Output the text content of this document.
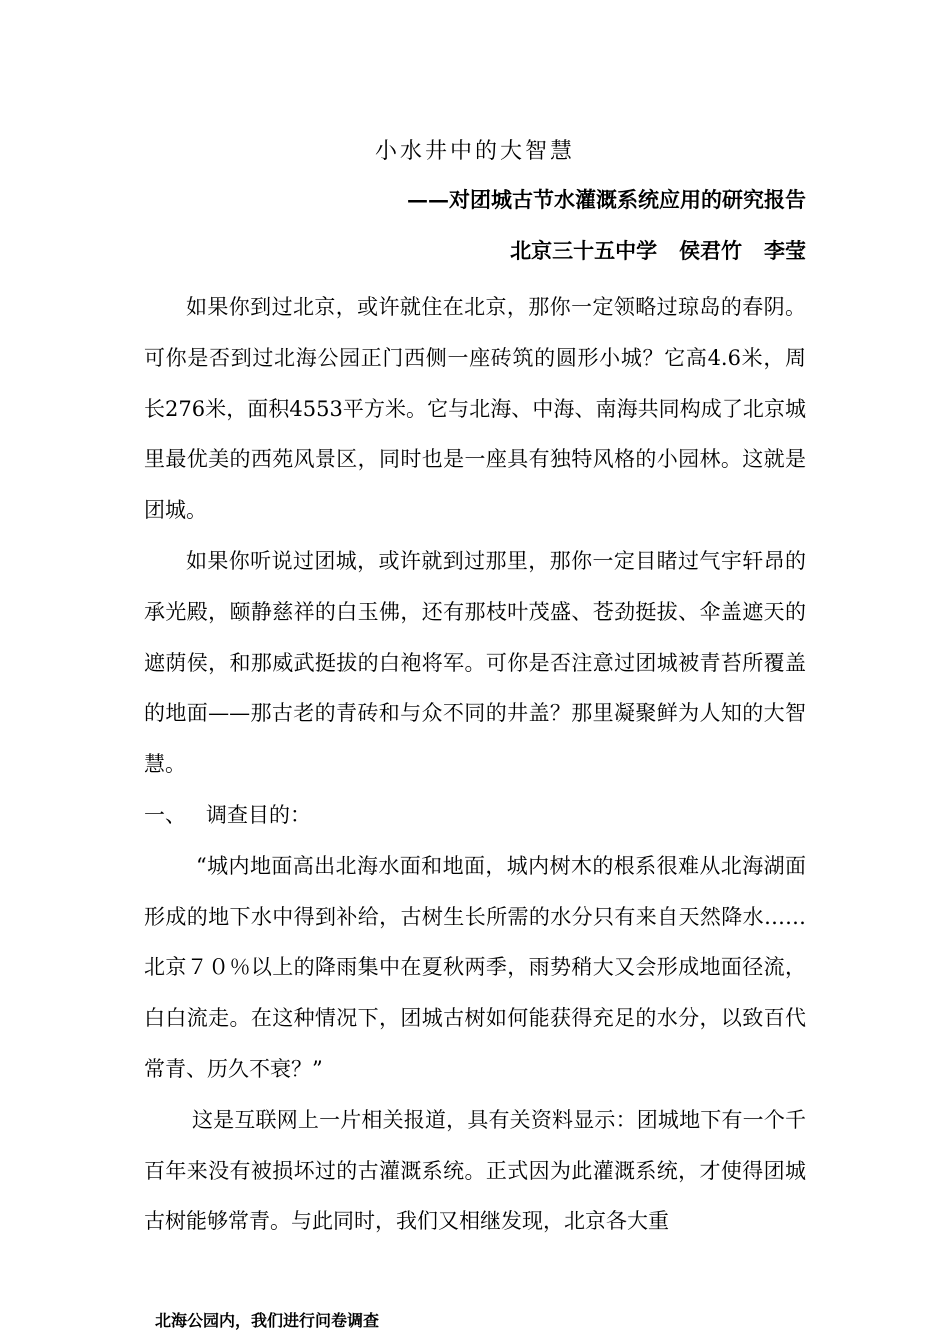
小水井中的大智慧
——对团城古节水灌溉系统应用的研究报告
北京三十五中学   侯君竹   李莹

如果你到过北京，或许就住在北京，那你一定领略过琼岛的春阴。可你是否到过北海公园正门西侧一座砖筑的圆形小城？它高4.6米，周长276米，面积4553平方米。它与北海、中海、南海共同构成了北京城里最优美的西苑风景区，同时也是一座具有独特风格的小园林。这就是团城。

如果你听说过团城，或许就到过那里，那你一定目睹过气宇轩昂的承光殿，颐静慈祥的白玉佛，还有那枝叶茂盛、苍劲挺拔、伞盖遮天的遮荫侯，和那威武挺拔的白袍将军。可你是否注意过团城被青苔所覆盖的地面——那古老的青砖和与众不同的井盖？那里凝聚鲜为人知的大智慧。

一、   调查目的：

“城内地面高出北海水面和地面，城内树木的根系很难从北海湖面形成的地下水中得到补给，古树生长所需的水分只有来自天然降水……北京７０％以上的降雨集中在夏秋两季，雨势稍大又会形成地面径流，白白流走。在这种情况下，团城古树如何能获得充足的水分，以致百代常青、历久不衰？”

这是互联网上一片相关报道，具有关资料显示：团城地下有一个千百年来没有被损坏过的古灌溉系统。正式因为此灌溉系统，才使得团城古树能够常青。与此同时，我们又相继发现，北京各大重

北海公园内，我们进行问卷调查
